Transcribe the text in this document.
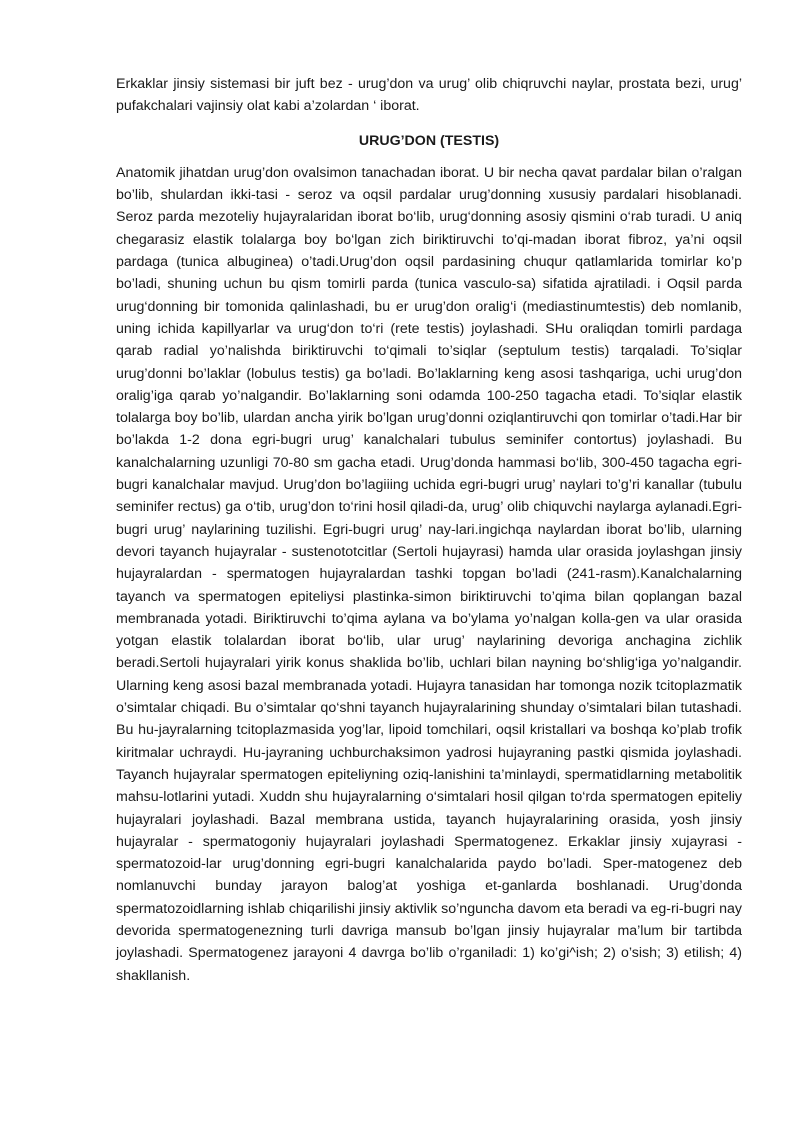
Erkaklar jinsiy sistemasi bir juft bez - urug’don va urug’ olib chiqruvchi naylar, prostata bezi, urug’ pufakchalari vajinsiy olat kabi a’zolardan ‘ iborat.

URUG’DON (TESTIS)

Anatomik jihatdan urug’don ovalsimon tanachadan iborat. U bir necha qavat pardalar bilan o’ralgan bo’lib, shulardan ikki-tasi - seroz va oqsil pardalar urug’donning xususiy pardalari hisoblanadi. Seroz parda mezoteliy hujayralaridan iborat bo‘lib, urug‘donning asosiy qismini o‘rab turadi. U aniq chegarasiz elastik tolalarga boy bo‘lgan zich biriktiruvchi to’qi-madan iborat fibroz, ya’ni oqsil pardaga (tunica albuginea) o’tadi.Urug’don oqsil pardasining chuqur qatlamlarida tomirlar ko’p bo’ladi, shuning uchun bu qism tomirli parda (tunica vasculo-sa) sifatida ajratiladi. i Oqsil parda urug‘donning bir tomonida qalinlashadi, bu er urug’don oralig‘i (mediastinumtestis) deb nomlanib, uning ichida kapillyarlar va urug‘don to‘ri (rete testis) joylashadi. SHu oraliqdan tomirli pardaga qarab radial yo’nalishda biriktiruvchi to‘qimali to’siqlar (septulum testis) tarqaladi. To’siqlar urug’donni bo’laklar (lobulus testis) ga bo’ladi. Bo’laklarning keng asosi tashqariga, uchi urug’don oralig’iga qarab yo’nalgandir. Bo’laklarning soni odamda 100-250 tagacha etadi. To’siqlar elastik tolalarga boy bo’lib, ulardan ancha yirik bo’lgan urug’donni oziqlantiruvchi qon tomirlar o’tadi.Har bir bo’lakda 1-2 dona egri-bugri urug’ kanalchalari tubulus seminifer contortus) joylashadi. Bu kanalchalarning uzunligi 70-80 sm gacha etadi. Urug’donda hammasi bo‘lib, 300-450 tagacha egri-bugri kanalchalar mavjud. Urug’don bo’lagiiing uchida egri-bugri urug’ naylari to’g’ri kanallar (tubulu seminifer rectus) ga o‘tib, urug’don to‘rini hosil qiladi-da, urug’ olib chiquvchi naylarga aylanadi.Egri-bugri urug’ naylarining tuzilishi. Egri-bugri urug’ nay-lari.ingichqa naylardan iborat bo’lib, ularning devori tayanch hujayralar - sustenototcitlar (Sertoli hujayrasi) hamda ular orasida joylashgan jinsiy hujayralardan - spermatogen hujayralardan tashki topgan bo’ladi (241-rasm).Kanalchalarning tayanch va spermatogen epiteliysi plastinka-simon biriktiruvchi to’qima bilan qoplangan bazal membranada yotadi. Biriktiruvchi to’qima aylana va bo’ylama yo’nalgan kolla-gen va ular orasida yotgan elastik tolalardan iborat bo‘lib, ular urug’ naylarining devoriga anchagina zichlik beradi.Sertoli hujayralari yirik konus shaklida bo’lib, uchlari bilan nayning bo‘shlig‘iga yo’nalgandir. Ularning keng asosi bazal membranada yotadi. Hujayra tanasidan har tomonga nozik tcitoplazmatik o’simtalar chiqadi. Bu o’simtalar qo‘shni tayanch hujayralarining shunday o’simtalari bilan tutashadi. Bu hu-jayralarning tcitoplazmasida yog’lar, lipoid tomchilari, oqsil kristallari va boshqa ko’plab trofik kiritmalar uchraydi. Hu-jayraning uchburchaksimon yadrosi hujayraning pastki qismida joylashadi. Tayanch hujayralar spermatogen epiteliyning oziq-lanishini ta’minlaydi, spermatidlarning metabolitik mahsu-lotlarini yutadi. Xuddn shu hujayralarning o‘simtalari hosil qilgan to‘rda spermatogen epiteliy hujayralari joylashadi. Bazal membrana ustida, tayanch hujayralarining orasida, yosh jinsiy hujayralar - spermatogoniy hujayralari joylashadi Spermatogenez. Erkaklar jinsiy xujayrasi - spermatozoid-lar urug’donning egri-bugri kanalchalarida paydo bo’ladi. Sper-matogenez deb nomlanuvchi bunday jarayon balog’at yoshiga et-ganlarda boshlanadi. Urug’donda spermatozoidlarning ishlab chiqarilishi jinsiy aktivlik so’nguncha davom eta beradi va eg-ri-bugri nay devorida spermatogenezning turli davriga mansub bo’lgan jinsiy hujayralar ma’lum bir tartibda joylashadi. Spermatogenez jarayoni 4 davrga bo’lib o’rganiladi: 1) ko’gi^ish; 2) o’sish; 3) etilish; 4) shakllanish.
